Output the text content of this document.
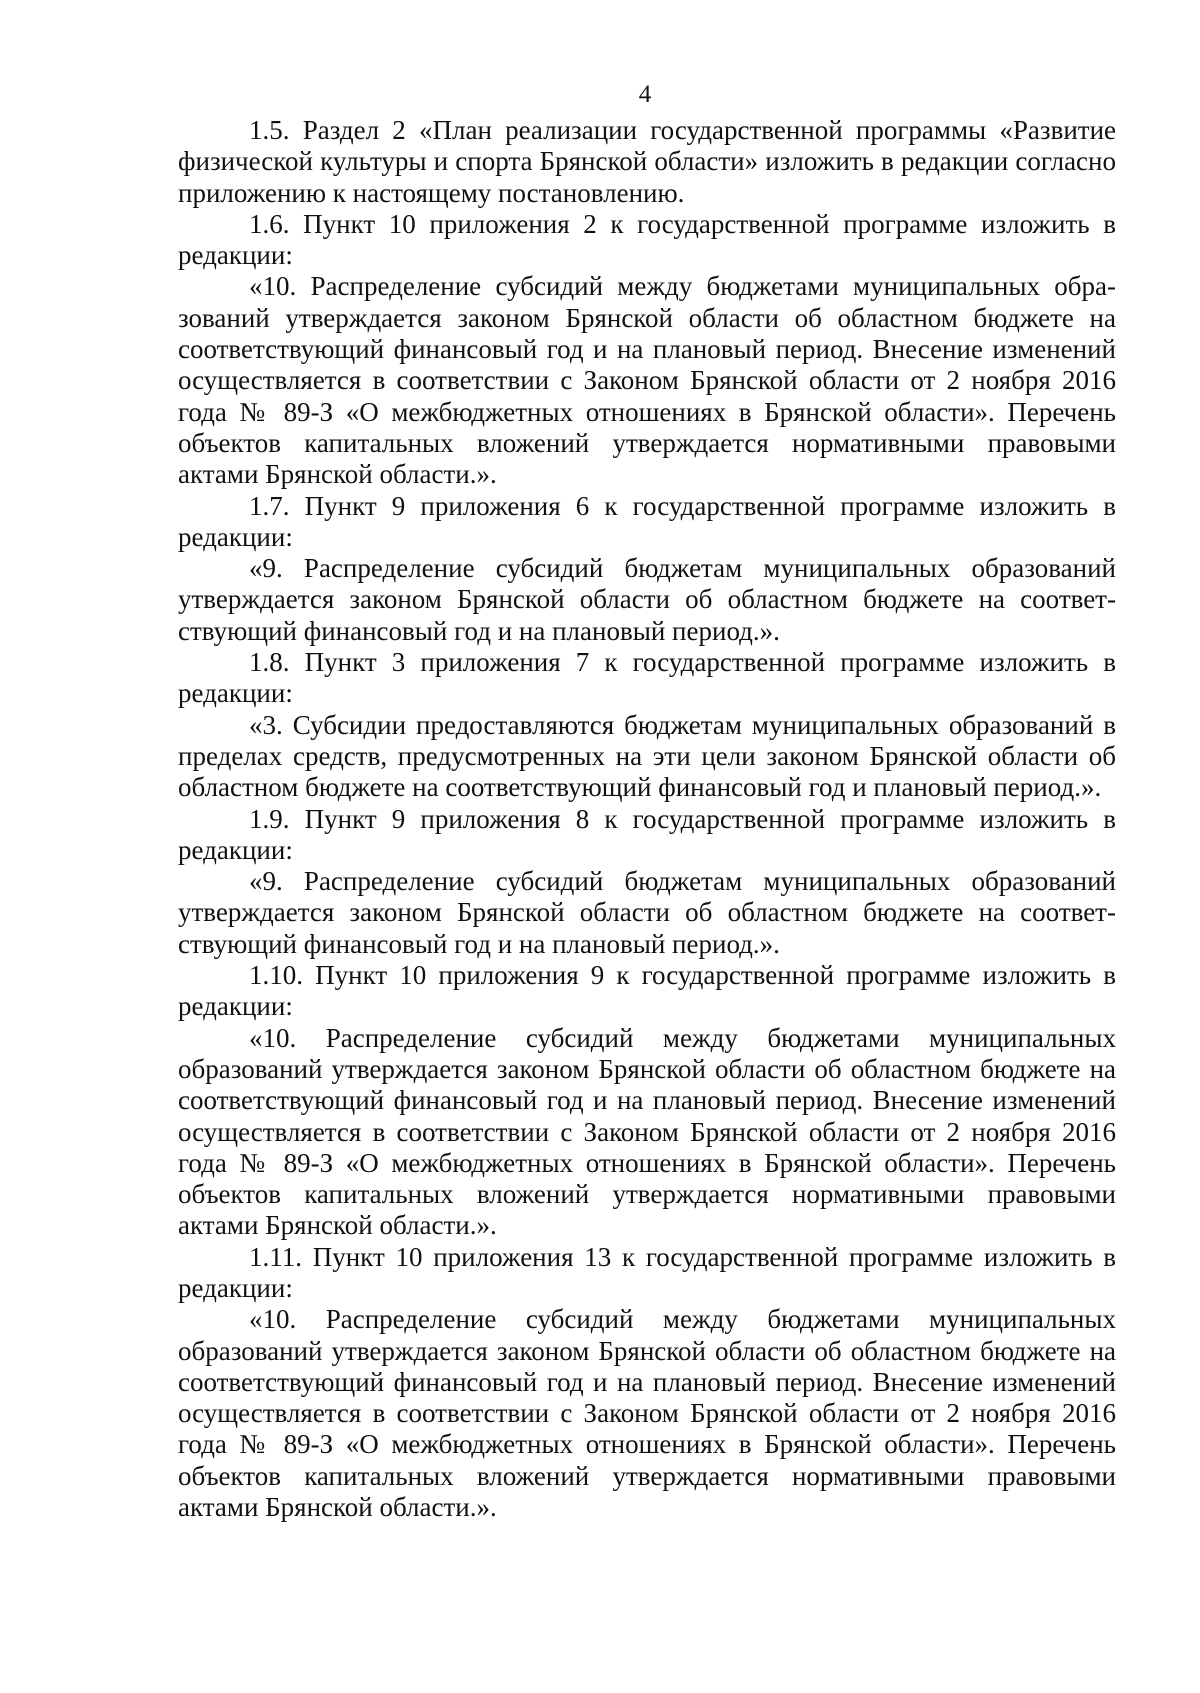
4

1.5. Раздел 2 «План реализации государственной программы «Развитие физической культуры и спорта Брянской области» изложить в редакции согласно приложению к настоящему постановлению.

1.6. Пункт 10 приложения 2 к государственной программе изложить в редакции:

«10. Распределение субсидий между бюджетами муниципальных образований утверждается законом Брянской области об областном бюджете на соответствующий финансовый год и на плановый период. Внесение изменений осуществляется в соответствии с Законом Брянской области от 2 ноября 2016 года № 89-З «О межбюджетных отношениях в Брянской области». Перечень объектов капитальных вложений утверждается нормативными правовыми актами Брянской области.».

1.7. Пункт 9 приложения 6 к государственной программе изложить в редакции:

«9. Распределение субсидий бюджетам муниципальных образований утверждается законом Брянской области об областном бюджете на соответствующий финансовый год и на плановый период.».

1.8. Пункт 3 приложения 7 к государственной программе изложить в редакции:

«3. Субсидии предоставляются бюджетам муниципальных образований в пределах средств, предусмотренных на эти цели законом Брянской области об областном бюджете на соответствующий финансовый год и плановый период.».

1.9. Пункт 9 приложения 8 к государственной программе изложить в редакции:

«9. Распределение субсидий бюджетам муниципальных образований утверждается законом Брянской области об областном бюджете на соответствующий финансовый год и на плановый период.».

1.10. Пункт 10 приложения 9 к государственной программе изложить в редакции:

«10. Распределение субсидий между бюджетами муниципальных образований утверждается законом Брянской области об областном бюджете на соответствующий финансовый год и на плановый период. Внесение изменений осуществляется в соответствии с Законом Брянской области от 2 ноября 2016 года № 89-З «О межбюджетных отношениях в Брянской области». Перечень объектов капитальных вложений утверждается нормативными правовыми актами Брянской области.».

1.11. Пункт 10 приложения 13 к государственной программе изложить в редакции:

«10. Распределение субсидий между бюджетами муниципальных образований утверждается законом Брянской области об областном бюджете на соответствующий финансовый год и на плановый период. Внесение изменений осуществляется в соответствии с Законом Брянской области от 2 ноября 2016 года № 89-З «О межбюджетных отношениях в Брянской области». Перечень объектов капитальных вложений утверждается нормативными правовыми актами Брянской области.».
